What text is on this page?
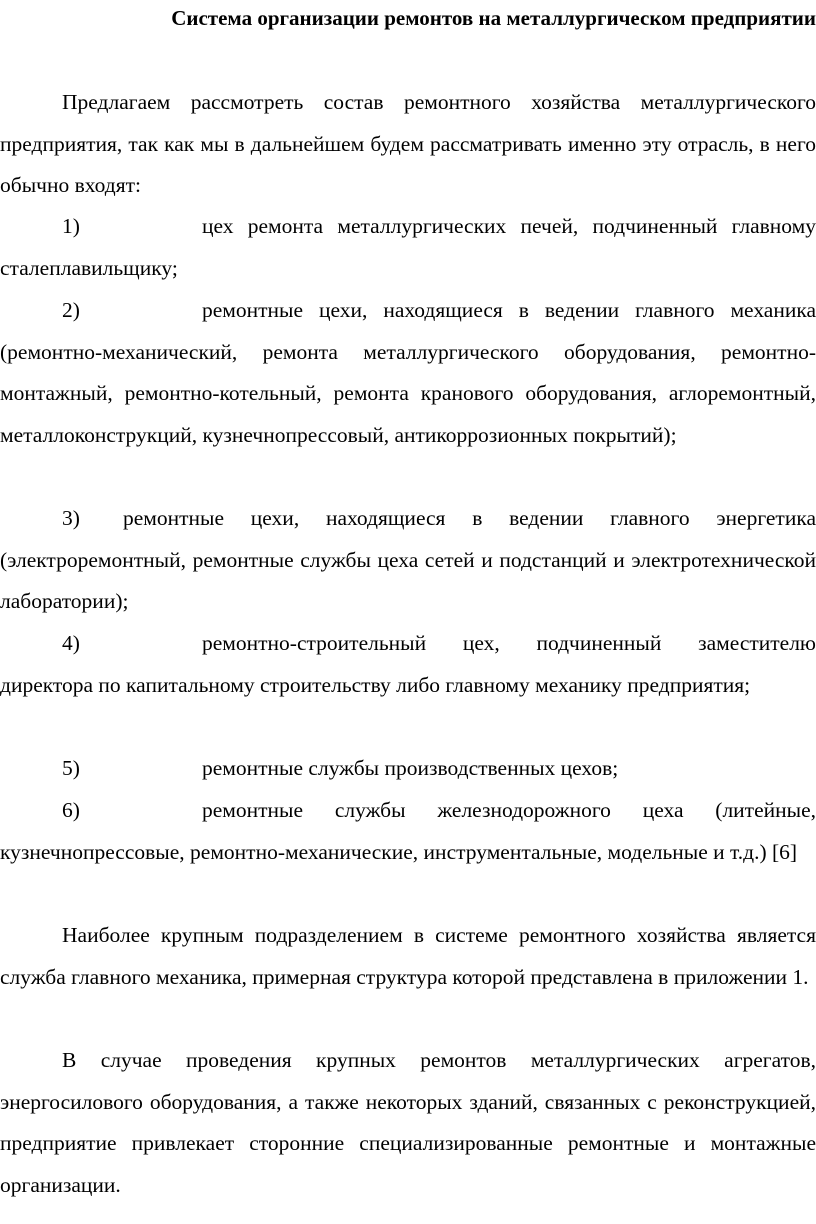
Система организации ремонтов на металлургическом предприятии

Предлагаем рассмотреть состав ремонтного хозяйства металлургического предприятия, так как мы в дальнейшем будем рассматривать именно эту отрасль, в него обычно входят:

1)	цех ремонта металлургических печей, подчиненный главному сталеплавильщику;

2)	ремонтные цехи, находящиеся в ведении главного механика (ремонтно-механический, ремонта металлургического оборудования, ремонтно-монтажный, ремонтно-котельный, ремонта кранового оборудования, аглоремонтный, металлоконструкций, кузнечнопрессовый, антикоррозионных покрытий);

3) ремонтные цехи, находящиеся в ведении главного энергетика (электроремонтный, ремонтные службы цеха сетей и подстанций и электротехнической лаборатории);

4)	ремонтно-строительный цех, подчиненный заместителю директора по капитальному строительству либо главному механику предприятия;

5)	ремонтные службы производственных цехов;

6)	ремонтные службы железнодорожного цеха (литейные, кузнечнопрессовые, ремонтно-механические, инструментальные, модельные и т.д.) [6]

Наиболее крупным подразделением в системе ремонтного хозяйства является служба главного механика, примерная структура которой представлена в приложении 1.

В случае проведения крупных ремонтов металлургических агрегатов, энергосилового оборудования, а также некоторых зданий, связанных с реконструкцией, предприятие привлекает сторонние специализированные ремонтные и монтажные организации.
